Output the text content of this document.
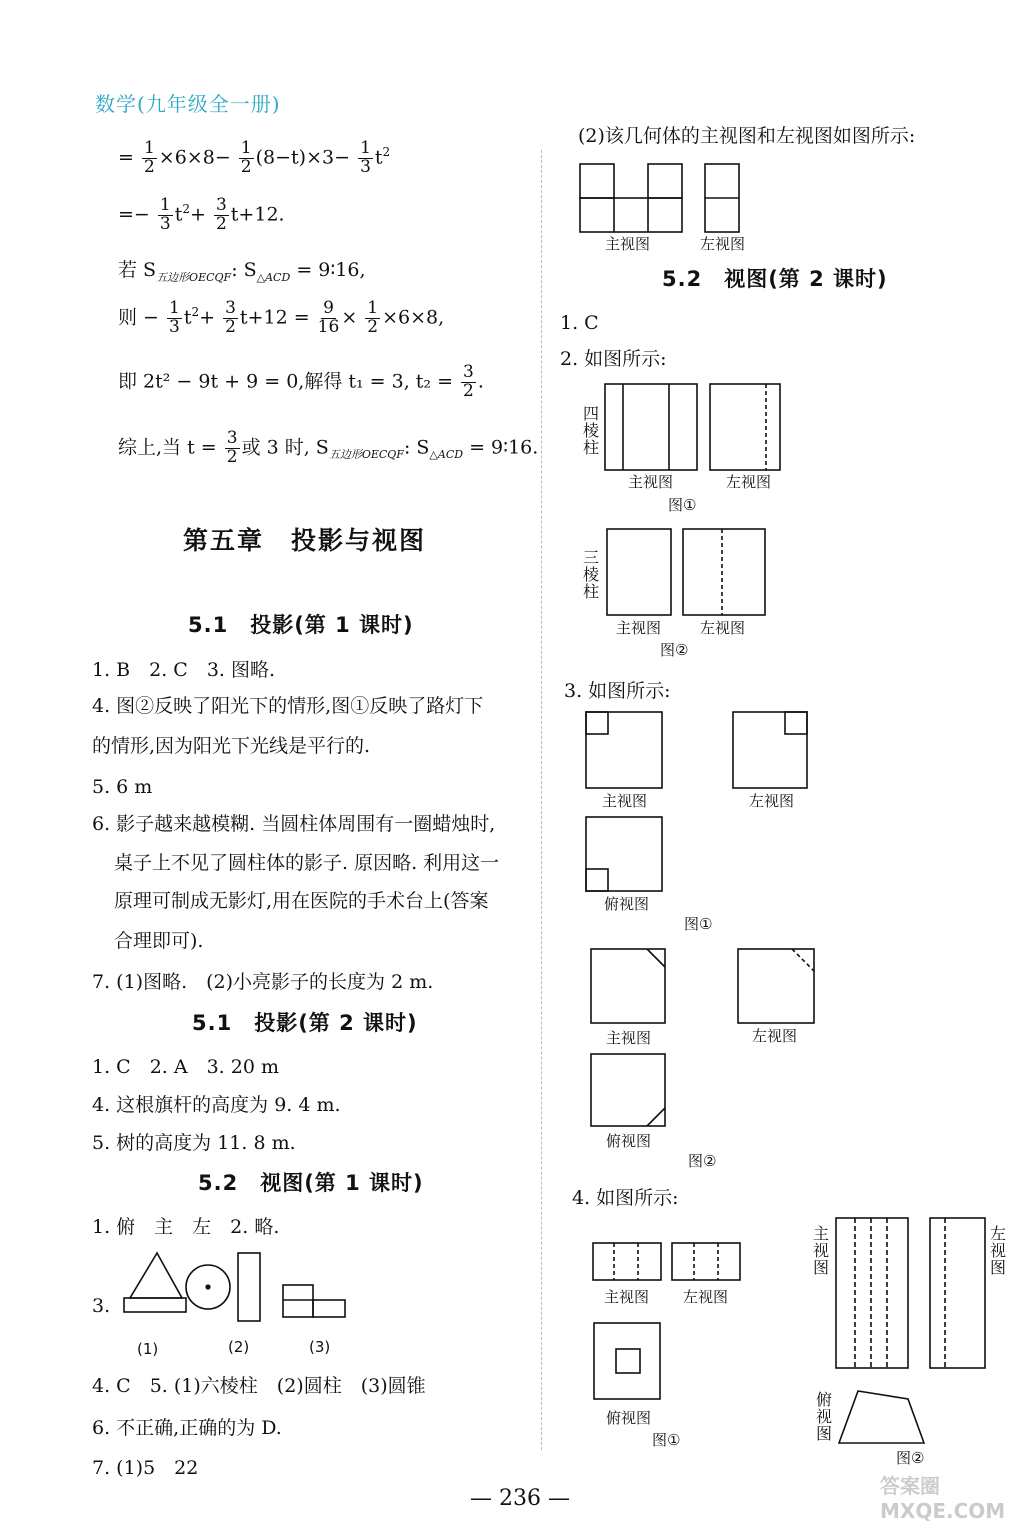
数学(九年级全一册)
= $\frac{1}{2} \times 6\times 8- \frac{1}{2} (8-t)\times 3- \frac{1}{3} t^2$
=− $\frac{1}{3} t^2+ \frac{3}{2} t+12$.
若 $S_{五边形OECQF}$: $S_{\triangle ACD}$ = 9∶16,
则 − $\frac{1}{3} t^2+ \frac{3}{2} t+12 = \frac{9}{16} \times \frac{1}{2} \times 6\times 8$,
即 2t² − 9t + 9 = 0,解得 t₁ = 3, $t_2 = \frac{3}{2}$ .
综上,当 $t = \frac{3}{2}$ 或 3 时, $S_{五边形OECQF}$: $S_{\triangle ACD}$ = 9∶16.
第五章　投影与视图
5.1　投影(第 1 课时)
1. B　2. C　3. 图略.
4. 图②反映了阳光下的情形,图①反映了路灯下
的情形,因为阳光下光线是平行的.
5. 6 m
6. 影子越来越模糊. 当圆柱体周围有一圈蜡烛时,
桌子上不见了圆柱体的影子. 原因略. 利用这一
原理可制成无影灯,用在医院的手术台上(答案
合理即可).
7. (1)图略.　(2)小亮影子的长度为 2 m.
5.1　投影(第 2 课时)
1. C　2. A　3. 20 m
4. 这根旗杆的高度为 9. 4 m.
5. 树的高度为 11. 8 m.
5.2　视图(第 1 课时)
1. 俯　主　左　2. 略.
3.
(1)	(2)	(3)
4. C　5. (1)六棱柱　(2)圆柱　(3)圆锥
6. 不正确,正确的为 D.
7. (1)5　22
(2)该几何体的主视图和左视图如图所示:
主视图	左视图
5.2　视图(第 2 课时)
1. C
2. 如图所示:
四棱柱
主视图	左视图
图①
三棱柱
主视图	左视图
图②
3. 如图所示:
主视图	左视图
俯视图
图①
主视图	左视图
俯视图
图②
4. 如图所示:
主视图 左视图
俯视图
图①
主视图
左视图
俯视图
图②
— 236 —	答案圈 MXQE.COM
